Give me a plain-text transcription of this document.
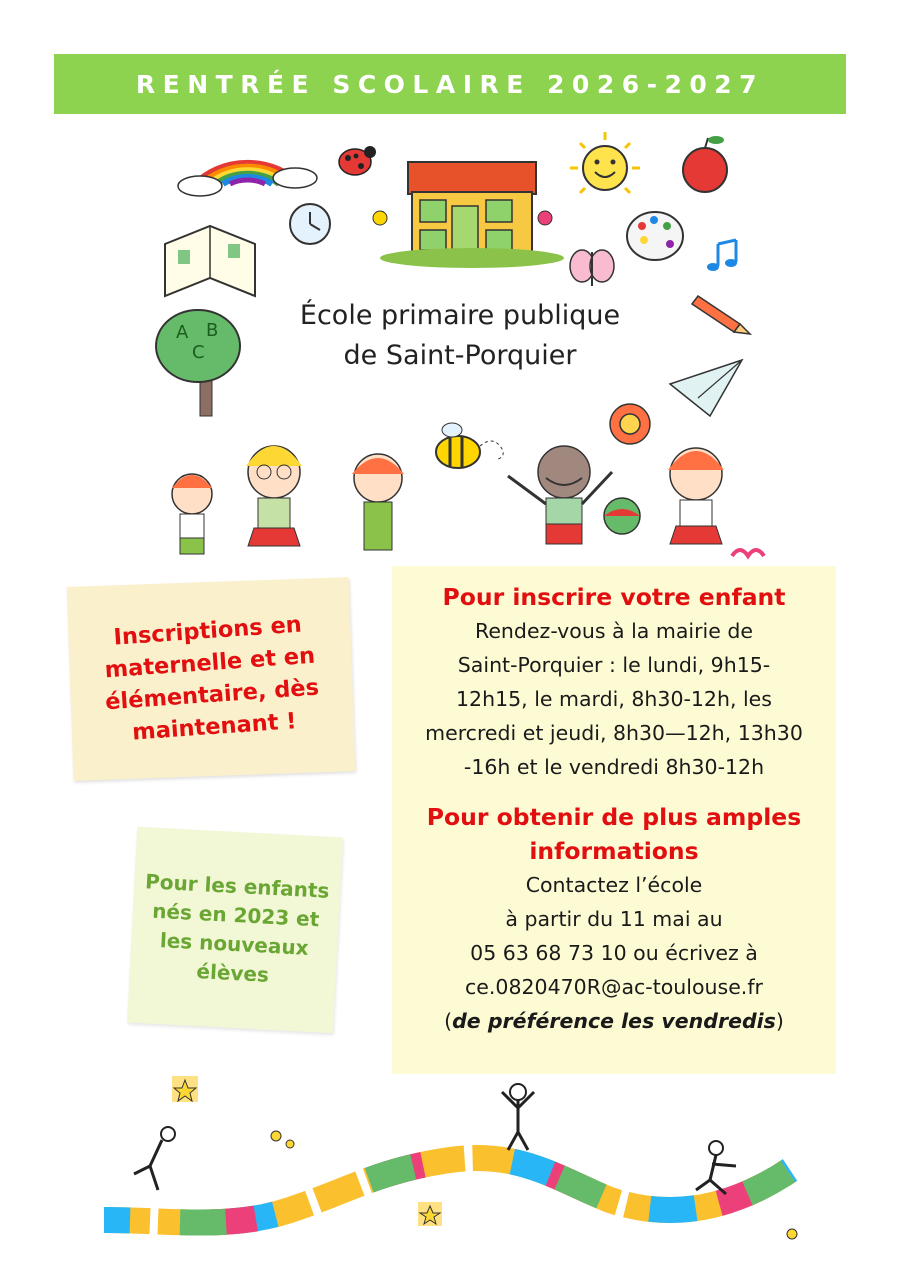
RENTRÉE SCOLAIRE 2026-2027
A
C
B	École primaire publique
de Saint-Porquier
Inscriptions en maternelle et en élémentaire, dès maintenant !
Pour les enfants nés en 2023 et les nouveaux élèves
Pour inscrire votre enfant

Rendez-vous à la mairie de

Saint-Porquier : le lundi, 9h15-

12h15, le mardi, 8h30-12h, les

mercredi et jeudi, 8h30—12h, 13h30

-16h et le vendredi 8h30-12h

Pour obtenir de plus amples
informations

Contactez l’école

à partir du 11 mai au

05 63 68 73 10 ou écrivez à

ce.0820470R@ac-toulouse.fr

(de préférence les vendredis)
